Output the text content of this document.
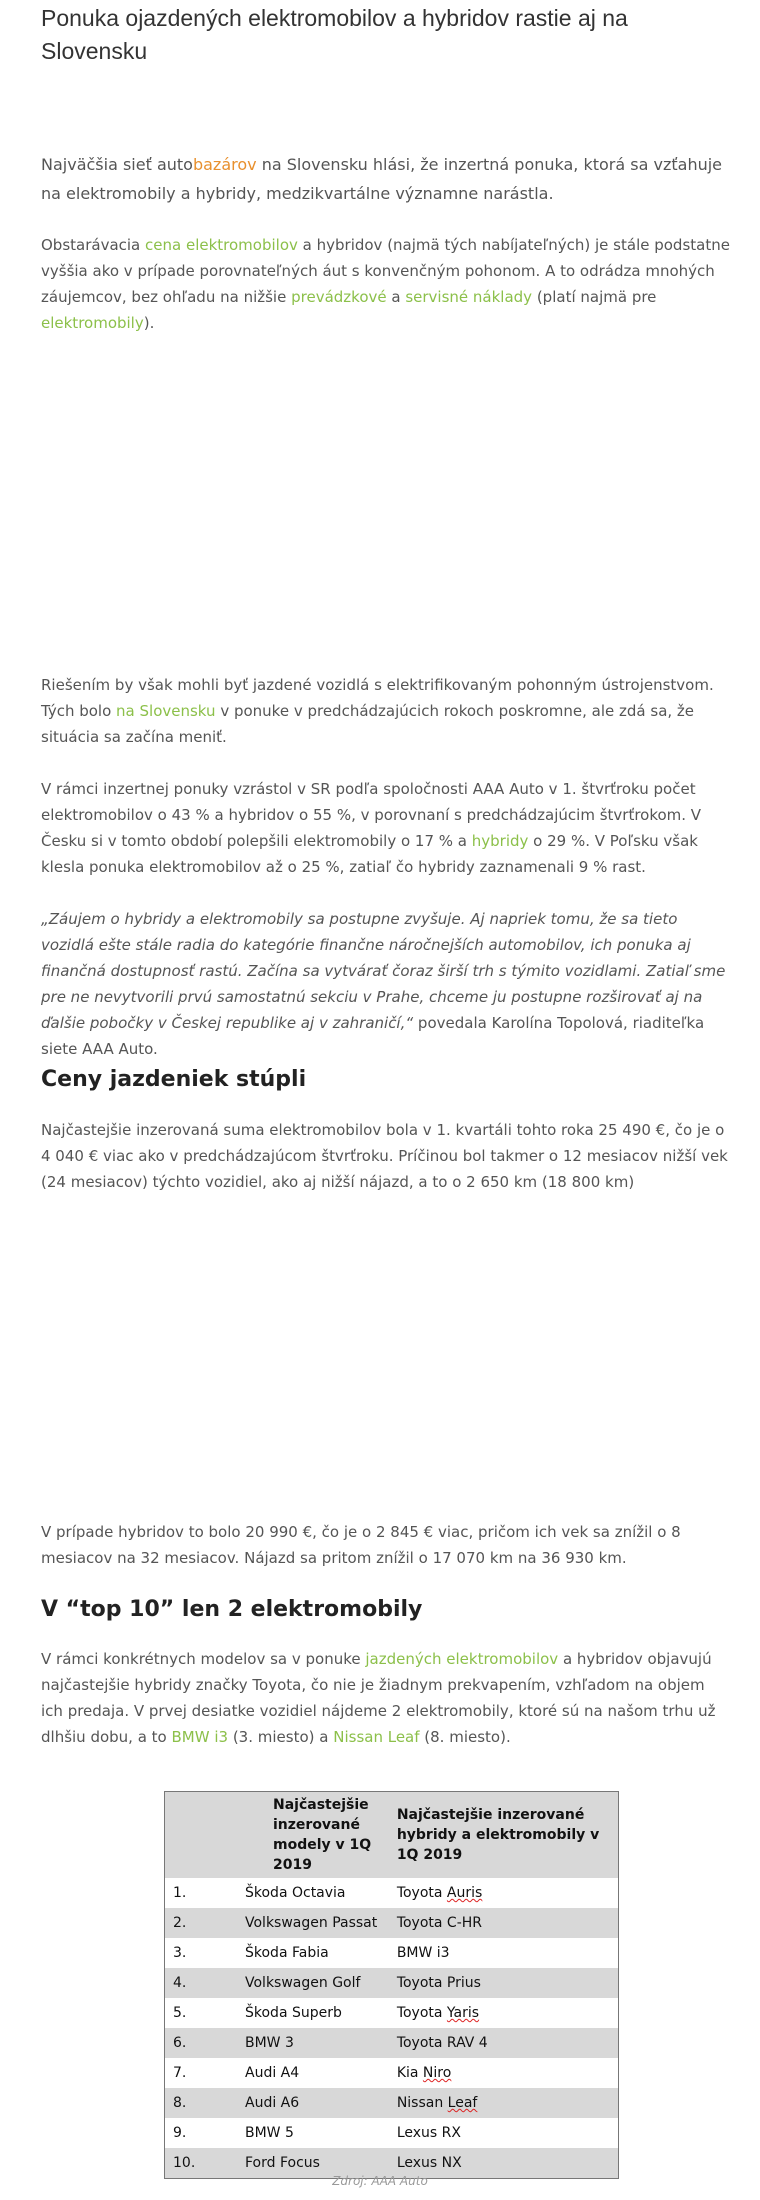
Ponuka ojazdených elektromobilov a hybridov rastie aj na Slovensku

Najväčšia sieť autobazárov na Slovensku hlási, že inzertná ponuka, ktorá sa vzťahuje na elektromobily a hybridy, medzikvartálne významne narástla.

Obstarávacia cena elektromobilov a hybridov (najmä tých nabíjateľných) je stále podstatne vyššia ako v prípade porovnateľných áut s konvenčným pohonom. A to odrádza mnohých záujemcov, bez ohľadu na nižšie prevádzkové a servisné náklady (platí najmä pre elektromobily).

Riešením by však mohli byť jazdené vozidlá s elektrifikovaným pohonným ústrojenstvom. Tých bolo na Slovensku v ponuke v predchádzajúcich rokoch poskromne, ale zdá sa, že situácia sa začína meniť.

V rámci inzertnej ponuky vzrástol v SR podľa spoločnosti AAA Auto v 1. štvrťroku počet elektromobilov o 43 % a hybridov o 55 %, v porovnaní s predchádzajúcim štvrťrokom. V Česku si v tomto období polepšili elektromobily o 17 % a hybridy o 29 %. V Poľsku však klesla ponuka elektromobilov až o 25 %, zatiaľ čo hybridy zaznamenali 9 % rast.

„Záujem o hybridy a elektromobily sa postupne zvyšuje. Aj napriek tomu, že sa tieto vozidlá ešte stále radia do kategórie finančne náročnejších automobilov, ich ponuka aj finančná dostupnosť rastú. Začína sa vytvárať čoraz širší trh s týmito vozidlami. Zatiaľ sme pre ne nevytvorili prvú samostatnú sekciu v Prahe, chceme ju postupne rozširovať aj na ďalšie pobočky v Českej republike aj v zahraničí,“ povedala Karolína Topolová, riaditeľka siete AAA Auto.

Ceny jazdeniek stúpli

Najčastejšie inzerovaná suma elektromobilov bola v 1. kvartáli tohto roka 25 490 €, čo je o 4 040 € viac ako v predchádzajúcom štvrťroku. Príčinou bol takmer o 12 mesiacov nižší vek (24 mesiacov) týchto vozidiel, ako aj nižší nájazd, a to o 2 650 km (18 800 km)

V prípade hybridov to bolo 20 990 €, čo je o 2 845 € viac, pričom ich vek sa znížil o 8 mesiacov na 32 mesiacov. Nájazd sa pritom znížil o 17 070 km na 36 930 km.

V “top 10” len 2 elektromobily

V rámci konkrétnych modelov sa v ponuke jazdených elektromobilov a hybridov objavujú najčastejšie hybridy značky Toyota, čo nie je žiadnym prekvapením, vzhľadom na objem ich predaja. V prvej desiatke vozidiel nájdeme 2 elektromobily, ktoré sú na našom trhu už dlhšiu dobu, a to BMW i3 (3. miesto) a Nissan Leaf (8. miesto).

	Najčastejšie inzerované modely v 1Q 2019	Najčastejšie inzerované hybridy a elektromobily v 1Q 2019
1.	Škoda Octavia	Toyota Auris
2.	Volkswagen Passat	Toyota C-HR
3.	Škoda Fabia	BMW i3
4.	Volkswagen Golf	Toyota Prius
5.	Škoda Superb	Toyota Yaris
6.	BMW 3	Toyota RAV 4
7.	Audi A4	Kia Niro
8.	Audi A6	Nissan Leaf
9.	BMW 5	Lexus RX
10.	Ford Focus	Lexus NX
Zdroj: AAA Auto
